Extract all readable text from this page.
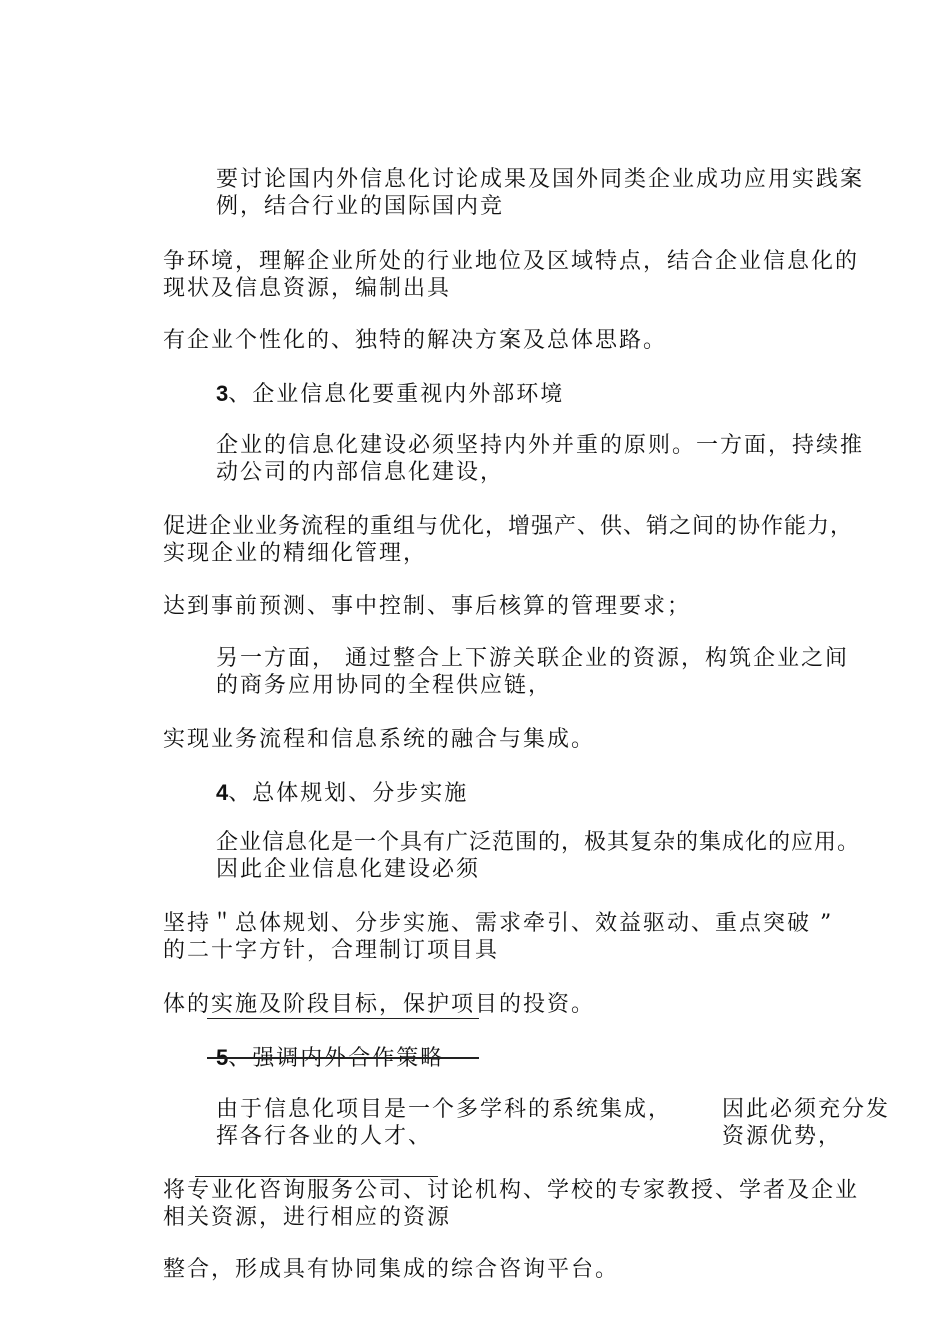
要讨论国内外信息化讨论成果及国外同类企业成功应用实践案
例，结合行业的国际国内竞
争环境，理解企业所处的行业地位及区域特点，结合企业信息化的
现状及信息资源，编制出具
有企业个性化的、独特的解决方案及总体思路。
3、企业信息化要重视内外部环境
企业的信息化建设必须坚持内外并重的原则。一方面，持续推
动公司的内部信息化建设，
促进企业业务流程的重组与优化，增强产、供、销之间的协作能力，
实现企业的精细化管理，
达到事前预测、事中控制、事后核算的管理要求；
另一方面， 通过整合上下游关联企业的资源，构筑企业之间
的商务应用协同的全程供应链，
实现业务流程和信息系统的融合与集成。
4、总体规划、分步实施
企业信息化是一个具有广泛范围的，极其复杂的集成化的应用。
因此企业信息化建设必须
坚持＂总体规划、分步实施、需求牵引、效益驱动、重点突破 ”
的二十字方针，合理制订项目具
体的实施及阶段目标，保护项目的投资。
5、强调内外合作策略
由于信息化项目是一个多学科的系统集成， 因此必须充分发
挥各行各业的人才、	资源优势，
将专业化咨询服务公司、讨论机构、学校的专家教授、学者及企业
相关资源，进行相应的资源
整合，形成具有协同集成的综合咨询平台。
